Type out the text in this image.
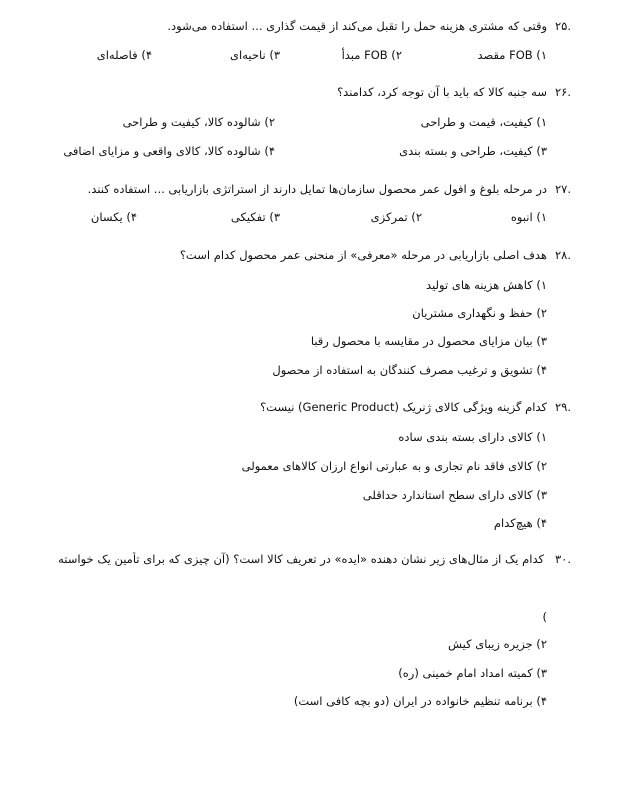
۲۵.
وقتی که مشتری هزینه حمل را تقبل می‌کند از قیمت گذاری ... استفاده می‌شود.
۱) FOB مقصد
۲) FOB مبدأ
۳) ناحیه‌ای
۴) فاصله‌ای
۲۶.
سه جنبه کالا که باید با آن توجه کرد، کدامند؟
۱) کیفیت، قیمت و طراحی
۲) شالوده کالا، کیفیت و طراحی
۳) کیفیت، طراحی و بسته بندی
۴) شالوده کالا، کالای واقعی و مزایای اضافی
۲۷.
در مرحله بلوغ و افول عمر محصول سازمان‌ها تمایل دارند از استراتژی بازاریابی ... استفاده کنند.
۱) انبوه
۲) تمرکزی
۳) تفکیکی
۴) یکسان
۲۸.
هدف اصلی بازاریابی در مرحله «معرفی» از منحنی عمر محصول کدام است؟
۱) کاهش هزینه های تولید
۲) حفظ و نگهداری مشتریان
۳) بیان مزایای محصول در مقایسه با محصول رقبا
۴) تشویق و ترغیب مصرف کنندگان به استفاده از محصول
۲۹.
کدام گزینه ویژگی کالای ژنریک (Generic Product) نیست؟
۱) کالای دارای بسته بندی ساده
۲) کالای فاقد نام تجاری و به عبارتی انواع ارزان کالاهای معمولی
۳) کالای دارای سطح استاندارد حداقلی
۴) هیچ‌کدام
۳۰.
کدام یک از مثال‌های زیر نشان دهنده «ایده» در تعریف کالا است؟ (آن چیزی که برای تأمین یک خواسته
)
۲) جزیره زیبای کیش
۳) کمیته امداد امام خمینی (ره)
۴) برنامه تنظیم خانواده در ایران (دو بچه کافی است)
